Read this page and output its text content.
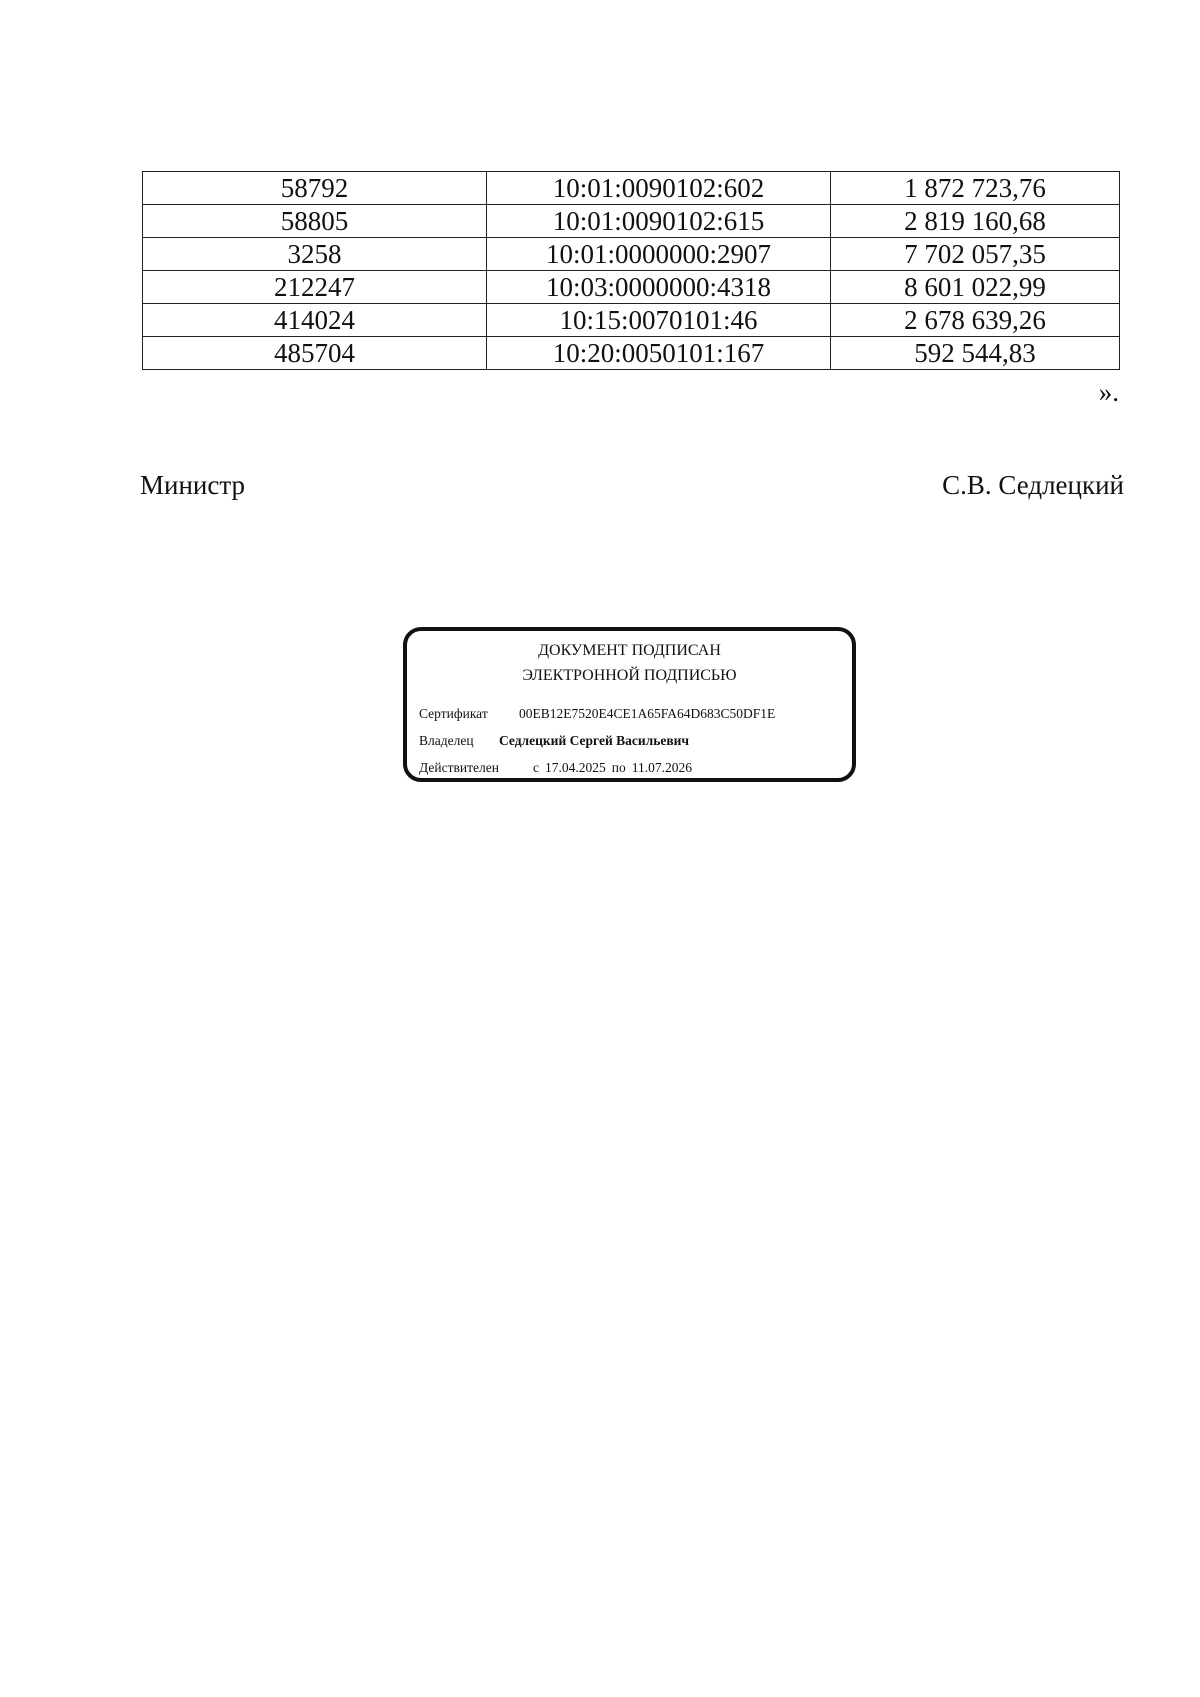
58792	10:01:0090102:602	1 872 723,76
58805	10:01:0090102:615	2 819 160,68
3258	10:01:0000000:2907	7 702 057,35
212247	10:03:0000000:4318	8 601 022,99
414024	10:15:0070101:46	2 678 639,26
485704	10:20:0050101:167	592 544,83
».
Министр	С.В. Седлецкий
ДОКУМЕНТ ПОДПИСАН
ЭЛЕКТРОННОЙ ПОДПИСЬЮ
Сертификат 00EB12E7520E4CE1A65FA64D683C50DF1E
Владелец Седлецкий Сергей Васильевич
Действителен	с 17.04.2025 по 11.07.2026
